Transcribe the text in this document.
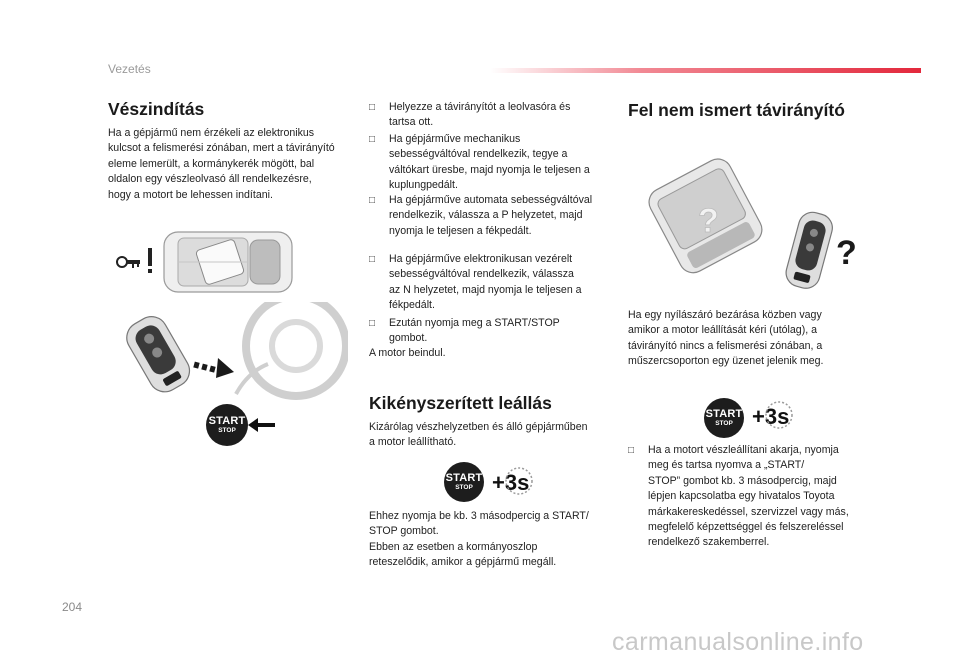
Vezetés
Vészindítás
Ha a gépjármű nem érzékeli az elektronikus
kulcsot a felismerési zónában, mert a távirányító
eleme lemerült, a kormánykerék mögött, bal
oldalon egy vészleolvasó áll rendelkezésre,
hogy a motort be lehessen indítani.
START
STOP
□ Helyezze a távirányítót a leolvasóra és
tartsa ott.
□ Ha gépjárműve mechanikus
sebességváltóval rendelkezik, tegye a
váltókart üresbe, majd nyomja le teljesen a
kuplungpedált.
□ Ha gépjárműve automata sebességváltóval
rendelkezik, válassza a P helyzetet, majd
nyomja le teljesen a fékpedált.
□ Ha gépjárműve elektronikusan vezérelt
sebességváltóval rendelkezik, válassza
az N helyzetet, majd nyomja le teljesen a
fékpedált.
□ Ezután nyomja meg a START/STOP
gombot.
A motor beindul.
Kikényszerített leállás
Kizárólag vészhelyzetben és álló gépjárműben
a motor leállítható.
START
STOP +3s
Ehhez nyomja be kb. 3 másodpercig a START/
STOP gombot.
Ebben az esetben a kormányoszlop
reteszelődik, amikor a gépjármű megáll.
Fel nem ismert távirányító
?
?
Ha egy nyílászáró bezárása közben vagy
amikor a motor leállítását kéri (utólag), a
távirányító nincs a felismerési zónában, a
műszercsoporton egy üzenet jelenik meg.
START
STOP +3s
□ Ha a motort vészleállítani akarja, nyomja
meg és tartsa nyomva a „START/
STOP” gombot kb. 3 másodpercig, majd
lépjen kapcsolatba egy hivatalos Toyota
márkakereskedéssel, szervizzel vagy más,
megfelelő képzettséggel és felszereléssel
rendelkező szakemberrel.
204
carmanualsonline.info
